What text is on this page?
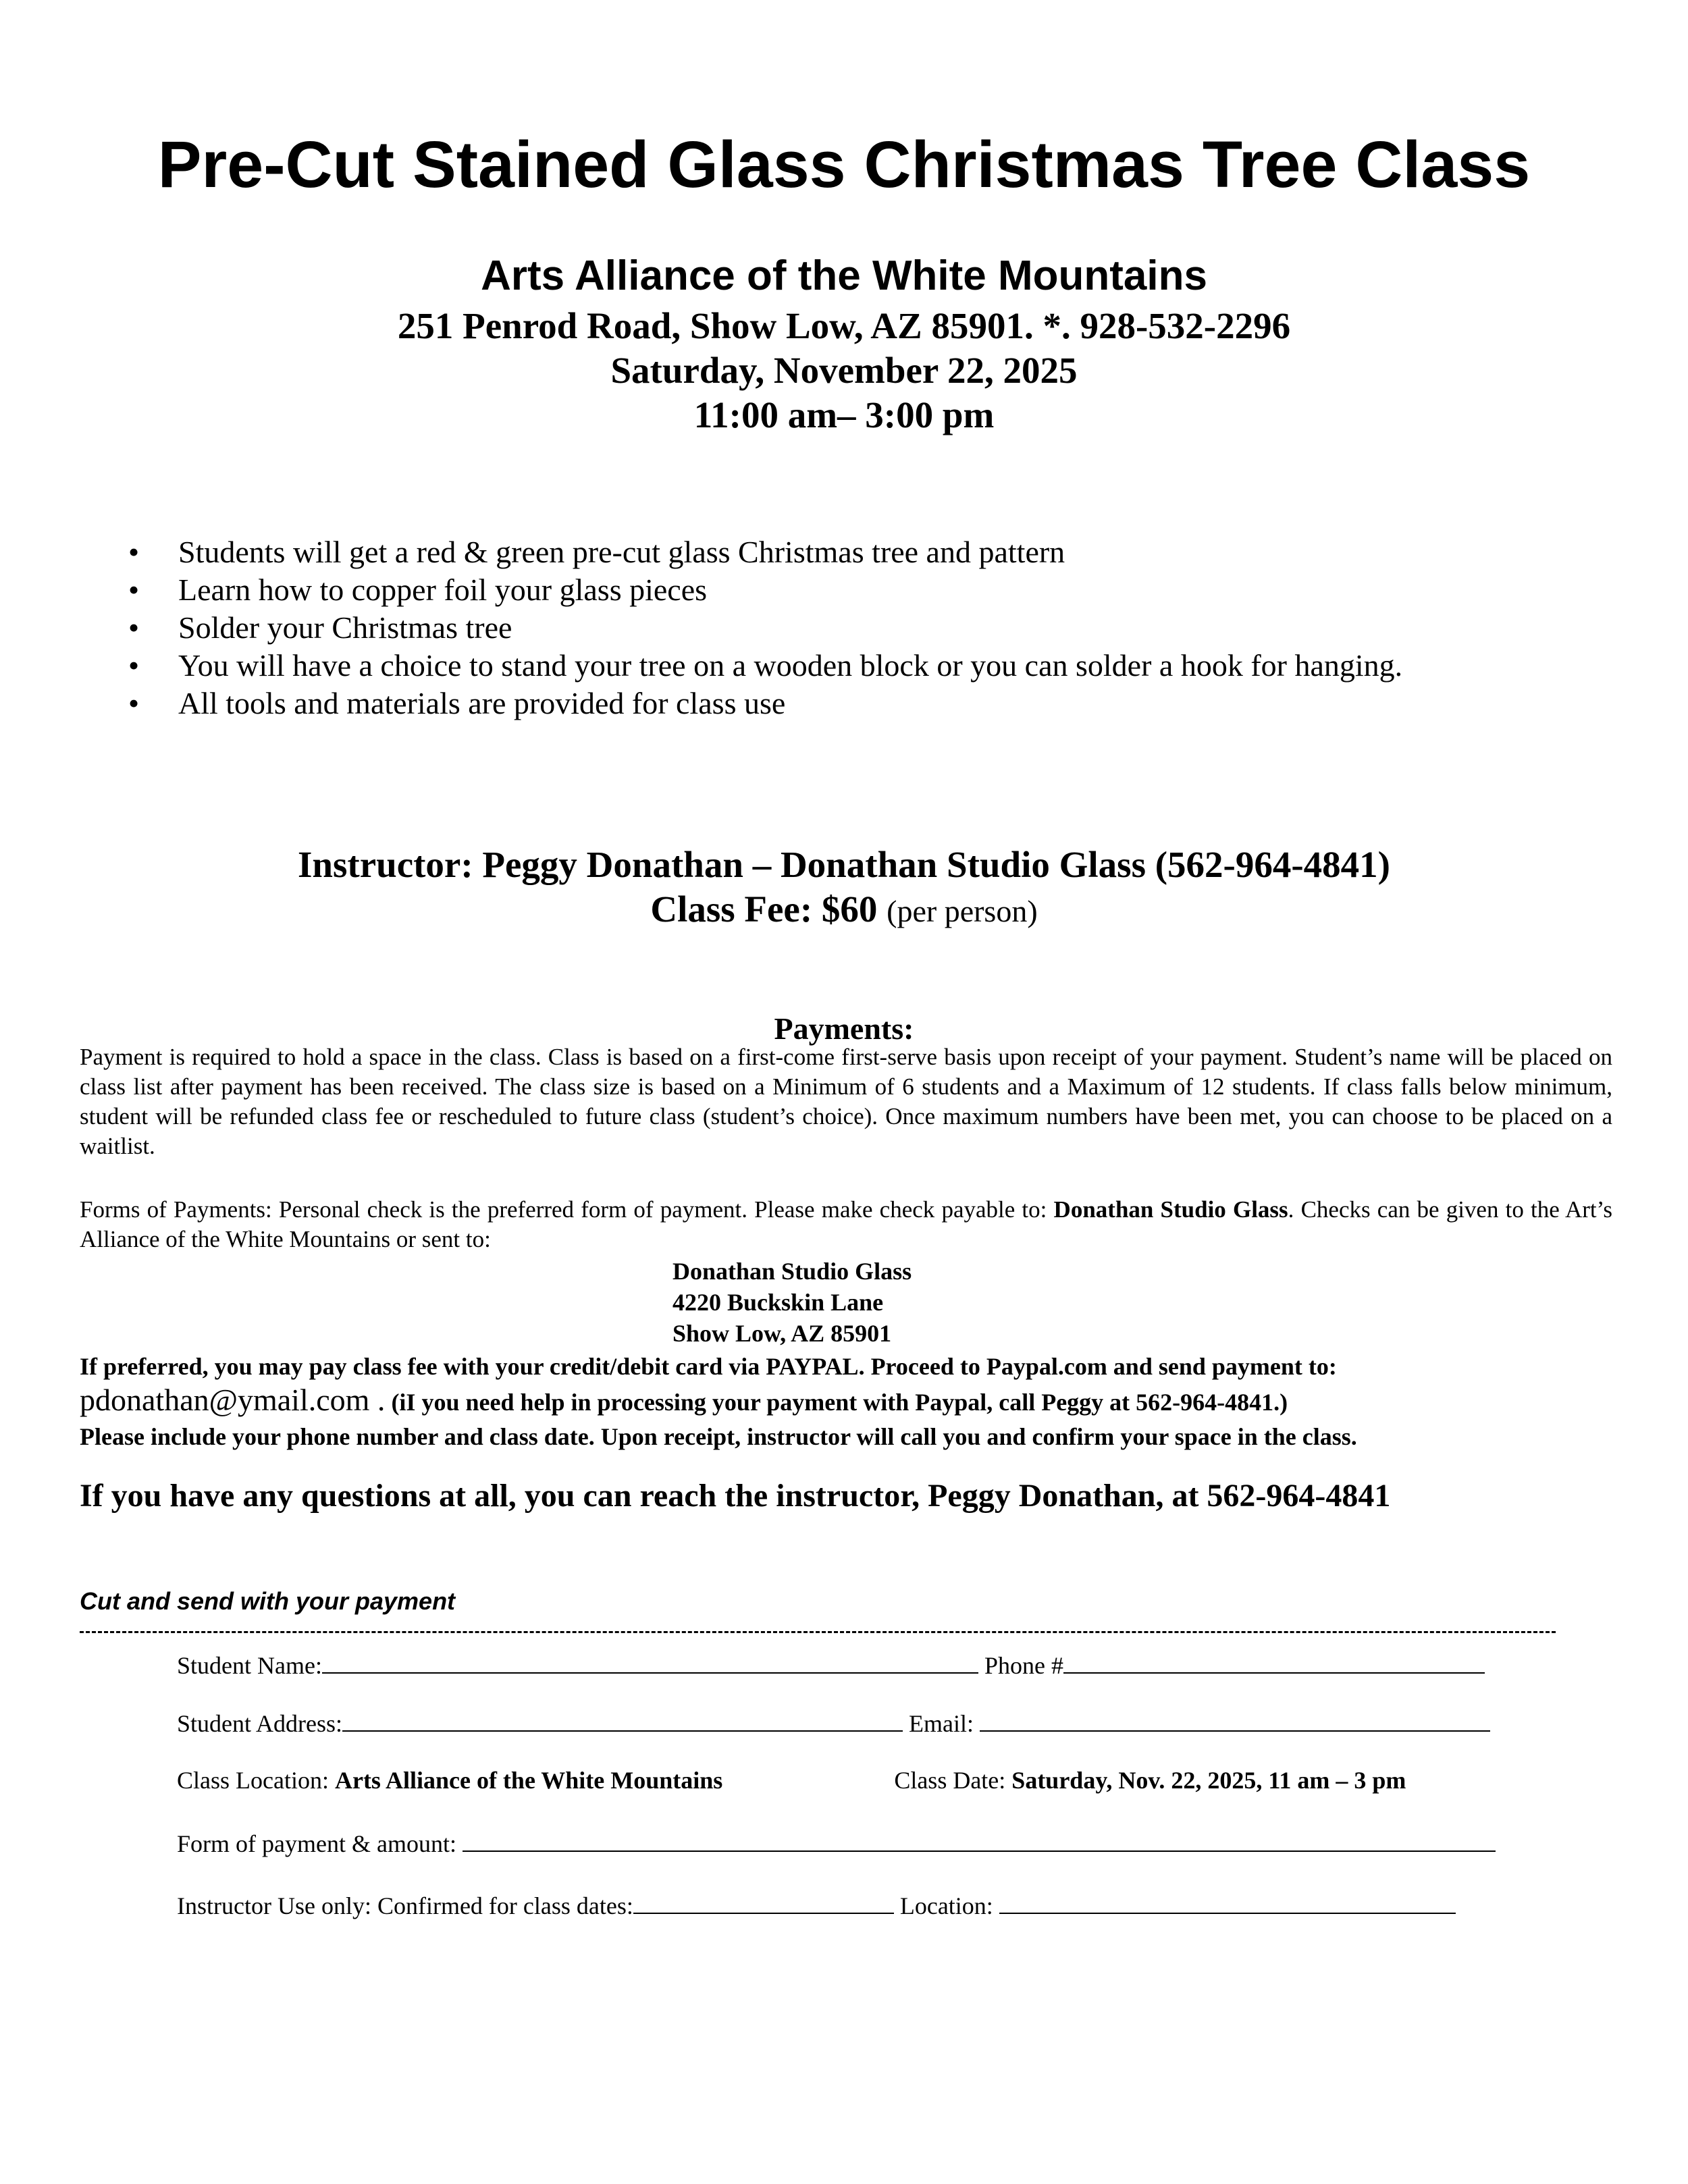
Pre-Cut Stained Glass Christmas Tree Class
Arts Alliance of the White Mountains
251 Penrod Road, Show Low, AZ 85901. *. 928-532-2296
Saturday, November 22, 2025
11:00 am– 3:00 pm
• Students will get a red & green pre-cut glass Christmas tree and pattern
• Learn how to copper foil your glass pieces
• Solder your Christmas tree
• You will have a choice to stand your tree on a wooden block or you can solder a hook for hanging.
• All tools and materials are provided for class use
Instructor: Peggy Donathan – Donathan Studio Glass (562-964-4841)
Class Fee: $60 (per person)
Payments:
Payment is required to hold a space in the class. Class is based on a first-come first-serve basis upon receipt of your payment. Student’s name will be placed on class list after payment has been received. The class size is based on a Minimum of 6 students and a Maximum of 12 students. If class falls below minimum, student will be refunded class fee or rescheduled to future class (student’s choice). Once maximum numbers have been met, you can choose to be placed on a waitlist.
Forms of Payments: Personal check is the preferred form of payment. Please make check payable to: Donathan Studio Glass. Checks can be given to the Art’s Alliance of the White Mountains or sent to:
Donathan Studio Glass
4220 Buckskin Lane
Show Low, AZ 85901
If preferred, you may pay class fee with your credit/debit card via PAYPAL. Proceed to Paypal.com and send payment to:
pdonathan@ymail.com . (iI you need help in processing your payment with Paypal, call Peggy at 562-964-4841.)
Please include your phone number and class date. Upon receipt, instructor will call you and confirm your space in the class.
If you have any questions at all, you can reach the instructor, Peggy Donathan, at 562-964-4841
Cut and send with your payment
Student Name:	Phone #
Student Address:	Email:
Class Location: Arts Alliance of the White Mountains	Class Date: Saturday, Nov. 22, 2025, 11 am – 3 pm
Form of payment & amount:
Instructor Use only: Confirmed for class dates:	Location:
